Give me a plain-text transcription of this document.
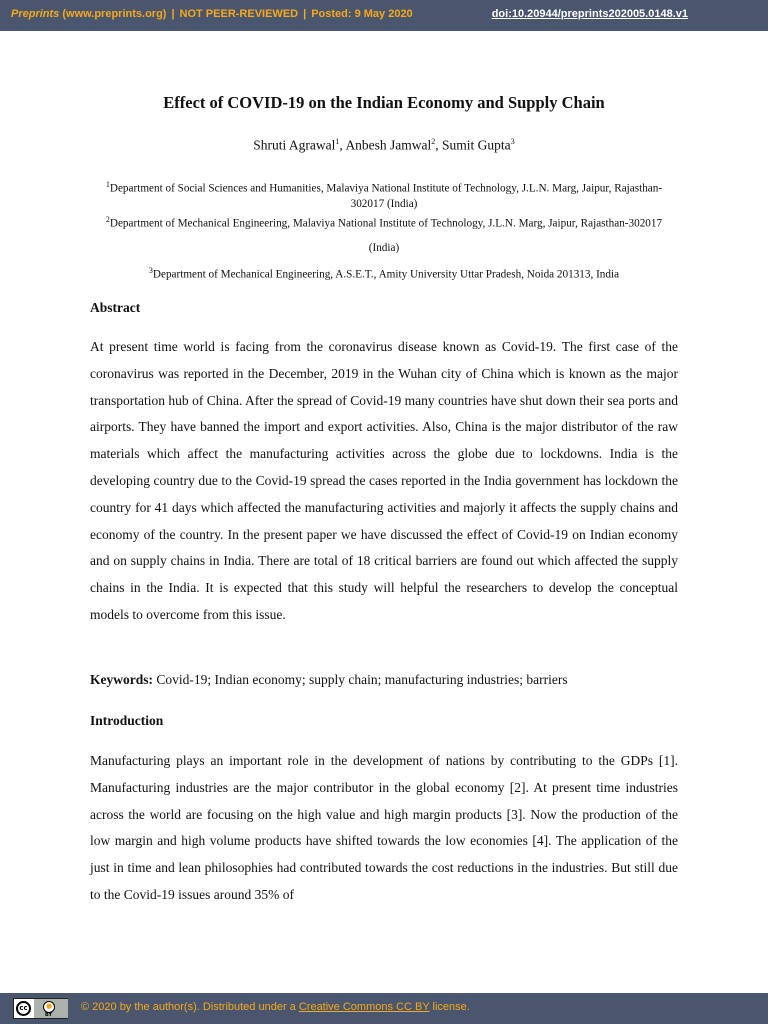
Preprints (www.preprints.org) | NOT PEER-REVIEWED | Posted: 9 May 2020	doi:10.20944/preprints202005.0148.v1
Effect of COVID-19 on the Indian Economy and Supply Chain
Shruti Agrawal$^1$, Anbesh Jamwal$^2$, Sumit Gupta$^3$
$^1$Department of Social Sciences and Humanities, Malaviya National Institute of Technology, J.L.N. Marg, Jaipur, Rajasthan-302017 (India)
$^2$Department of Mechanical Engineering, Malaviya National Institute of Technology, J.L.N. Marg, Jaipur, Rajasthan-302017 (India)
$^3$Department of Mechanical Engineering, A.S.E.T., Amity University Uttar Pradesh, Noida 201313, India
Abstract
At present time world is facing from the coronavirus disease known as Covid-19. The first case of the coronavirus was reported in the December, 2019 in the Wuhan city of China which is known as the major transportation hub of China. After the spread of Covid-19 many countries have shut down their sea ports and airports. They have banned the import and export activities. Also, China is the major distributor of the raw materials which affect the manufacturing activities across the globe due to lockdowns. India is the developing country due to the Covid-19 spread the cases reported in the India government has lockdown the country for 41 days which affected the manufacturing activities and majorly it affects the supply chains and economy of the country. In the present paper we have discussed the effect of Covid-19 on Indian economy and on supply chains in India. There are total of 18 critical barriers are found out which affected the supply chains in the India. It is expected that this study will helpful the researchers to develop the conceptual models to overcome from this issue.
Keywords: Covid-19; Indian economy; supply chain; manufacturing industries; barriers
Introduction
Manufacturing plays an important role in the development of nations by contributing to the GDPs [1]. Manufacturing industries are the major contributor in the global economy [2]. At present time industries across the world are focusing on the high value and high margin products [3]. Now the production of the low margin and high volume products have shifted towards the low economies [4]. The application of the just in time and lean philosophies had contributed towards the cost reductions in the industries. But still due to the Covid-19 issues around 35% of
cc	●
BY
© 2020 by the author(s). Distributed under a Creative Commons CC BY license.
